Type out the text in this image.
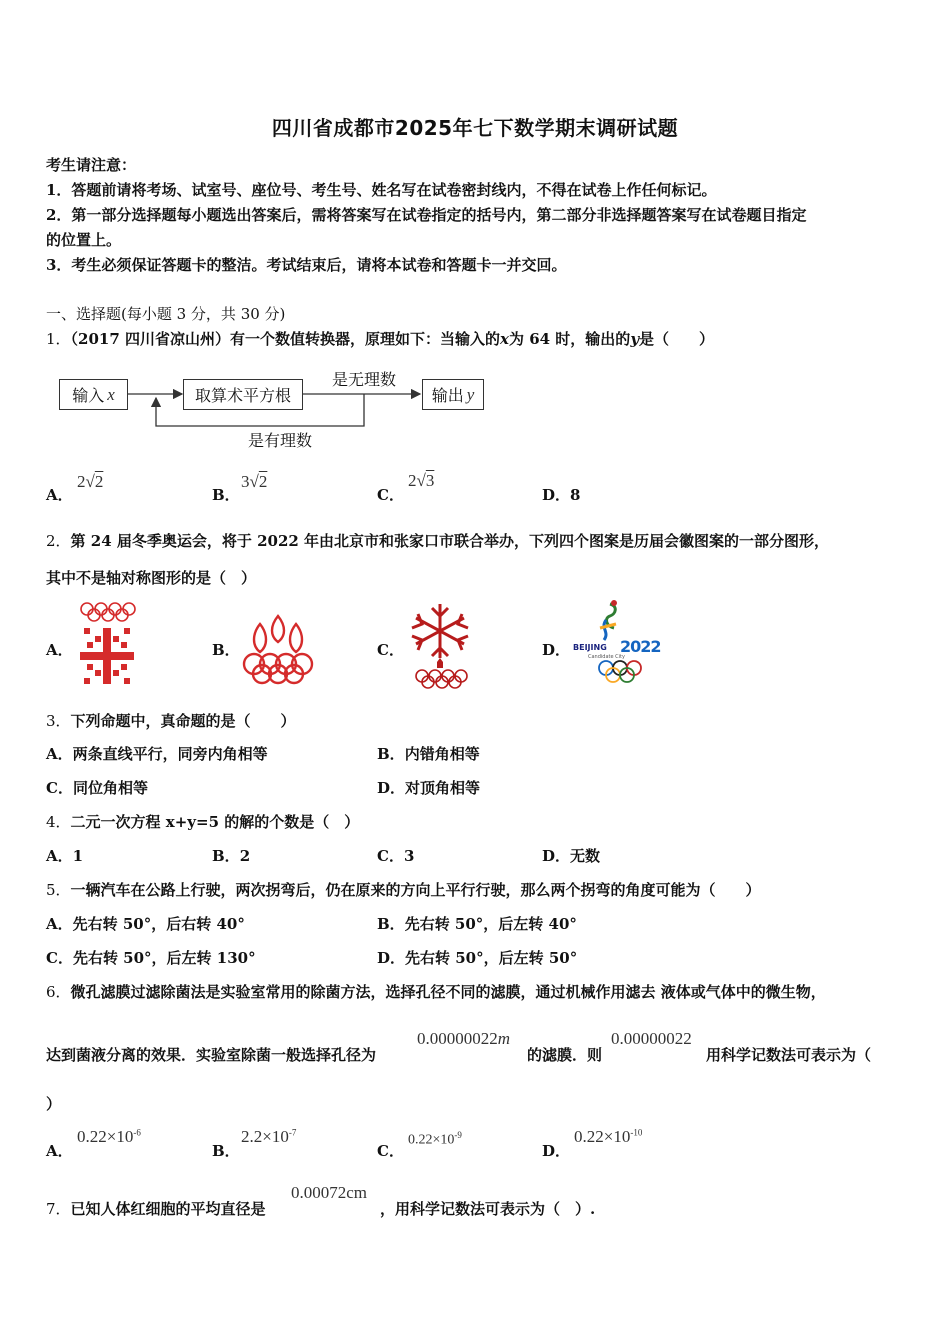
四川省成都市2025年七下数学期末调研试题
考生请注意：
1．答题前请将考场、试室号、座位号、考生号、姓名写在试卷密封线内，不得在试卷上作任何标记。
2．第一部分选择题每小题选出答案后，需将答案写在试卷指定的括号内，第二部分非选择题答案写在试卷题目指定
的位置上。
3．考生必须保证答题卡的整洁。考试结束后，请将本试卷和答题卡一并交回。
一、选择题(每小题 3 分，共 30 分)
1．（2017 四川省凉山州）有一个数值转换器，原理如下：当输入的x为 64 时，输出的y是（　　）
输入 x	取算术平方根
是无理数
输出 y
是有理数
A．
2√2
B．
3√2
C．
2√3
D．8
2．第 24 届冬季奥运会，将于 2022 年由北京市和张家口市联合举办，下列四个图案是历届会徽图案的一部分图形，
其中不是轴对称图形的是（　）
A．	B．	C．	D． BEIJING 2022
Candidate City
3．下列命题中，真命题的是（　　）
A．两条直线平行，同旁内角相等	B．内错角相等
C．同位角相等	D．对顶角相等
4．二元一次方程 x+y=5 的解的个数是（　）
A．1	B．2	C．3	D．无数
5．一辆汽车在公路上行驶，两次拐弯后，仍在原来的方向上平行行驶，那么两个拐弯的角度可能为（　　）
A．先右转 50°，后右转 40°	B．先右转 50°，后左转 40°
C．先右转 50°，后左转 130°	D．先右转 50°，后左转 50°
6．微孔滤膜过滤除菌法是实验室常用的除菌方法，选择孔径不同的滤膜，通过机械作用滤去 液体或气体中的微生物，
达到菌液分离的效果．实验室除菌一般选择孔径为
0.00000022m
的滤膜．则
0.00000022
用科学记数法可表示为（
）
A．
$0.22\times 10^{-6}$
B．
$2.2\times 10^{-7}$
C．
$0.22\times 10^{-9}$
D．
$0.22\times 10^{-10}$
7．已知人体红细胞的平均直径是
0.00072cm
，用科学记数法可表示为（　）.
